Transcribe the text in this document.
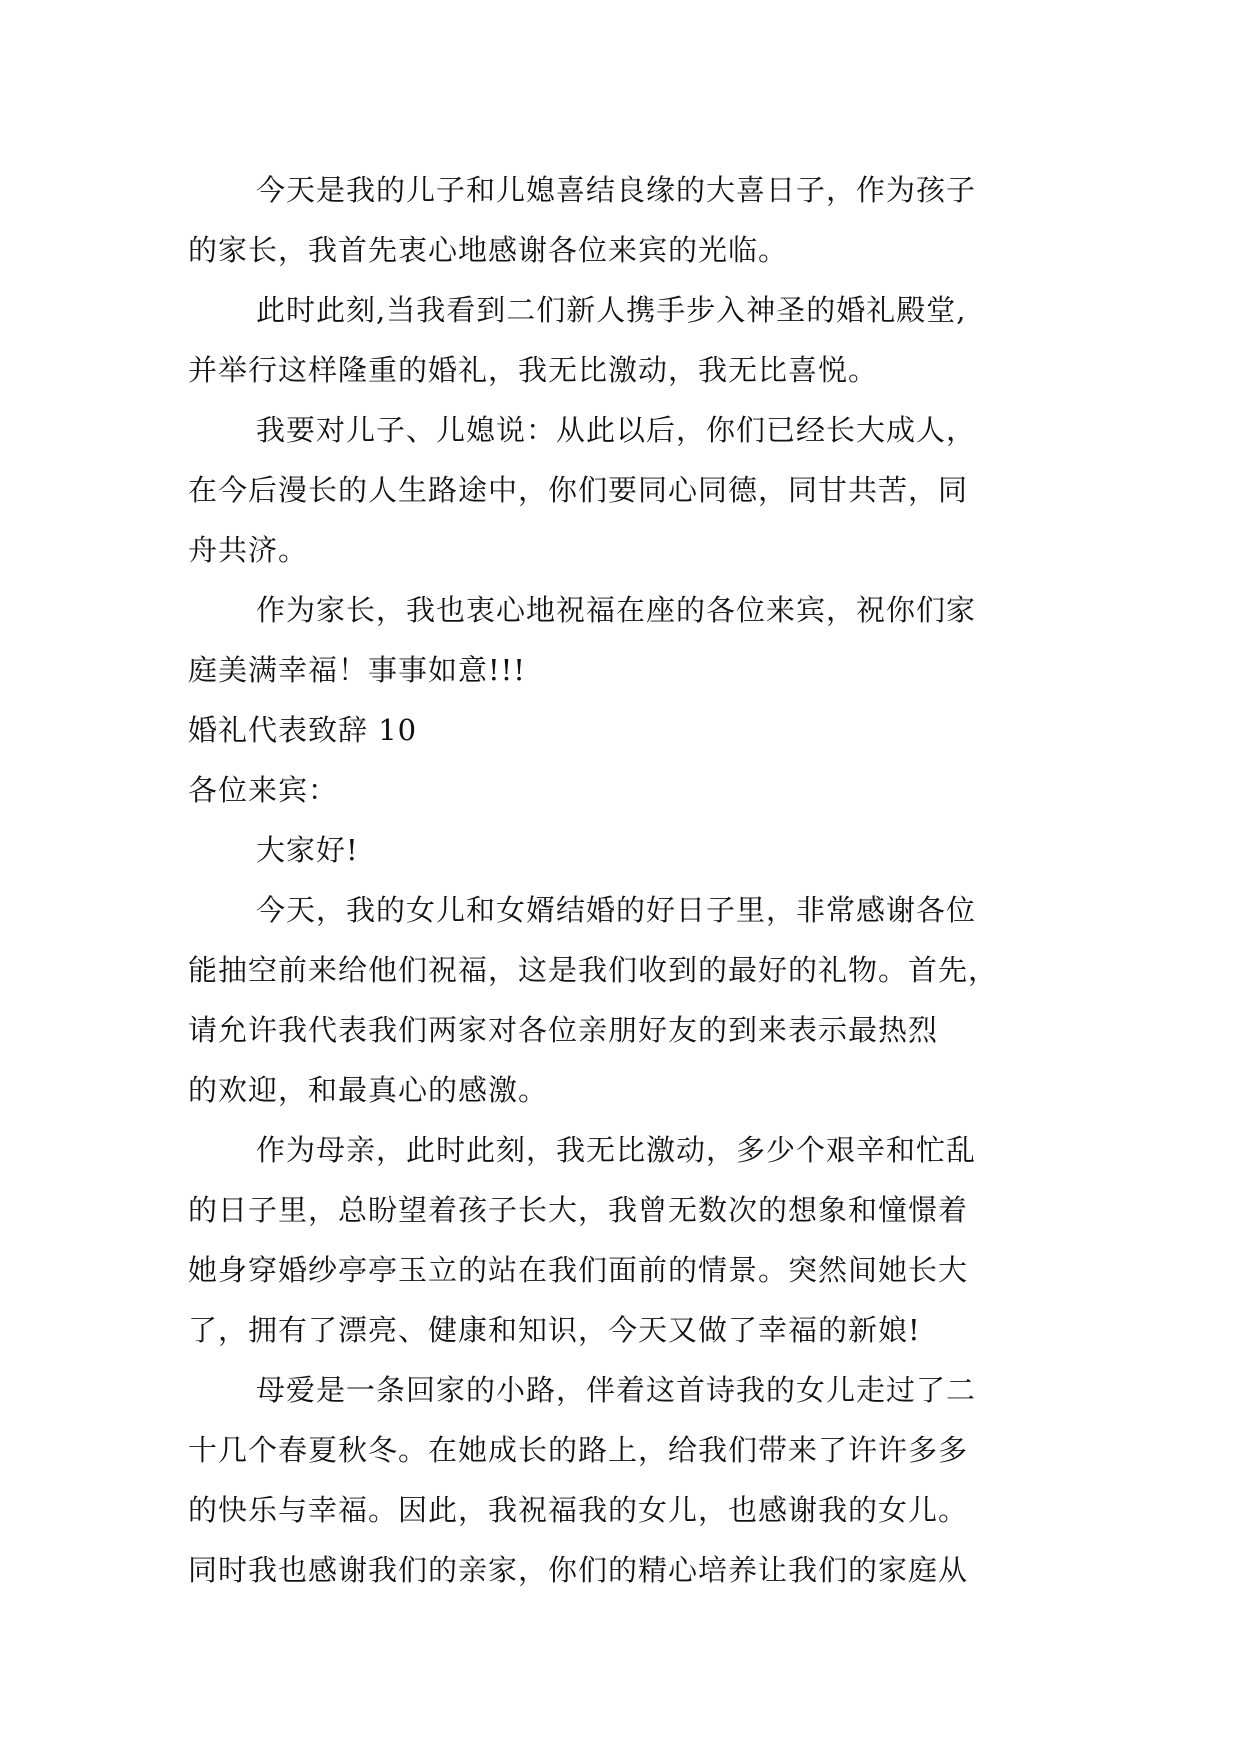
今天是我的儿子和儿媳喜结良缘的大喜日子，作为孩子

的家长，我首先衷心地感谢各位来宾的光临。

此时此刻,当我看到二们新人携手步入神圣的婚礼殿堂,

并举行这样隆重的婚礼，我无比激动，我无比喜悦。

我要对儿子、儿媳说：从此以后，你们已经长大成人，

在今后漫长的人生路途中，你们要同心同德，同甘共苦，同

舟共济。

作为家长，我也衷心地祝福在座的各位来宾，祝你们家

庭美满幸福！事事如意!!!

婚礼代表致辞 10

各位来宾：

大家好!

今天，我的女儿和女婿结婚的好日子里，非常感谢各位

能抽空前来给他们祝福，这是我们收到的最好的礼物。首先，

请允许我代表我们两家对各位亲朋好友的到来表示最热烈

的欢迎，和最真心的感激。

作为母亲，此时此刻，我无比激动，多少个艰辛和忙乱

的日子里，总盼望着孩子长大，我曾无数次的想象和憧憬着

她身穿婚纱亭亭玉立的站在我们面前的情景。突然间她长大

了，拥有了漂亮、健康和知识，今天又做了幸福的新娘!

母爱是一条回家的小路，伴着这首诗我的女儿走过了二

十几个春夏秋冬。在她成长的路上，给我们带来了许许多多

的快乐与幸福。因此，我祝福我的女儿，也感谢我的女儿。

同时我也感谢我们的亲家，你们的精心培养让我们的家庭从
